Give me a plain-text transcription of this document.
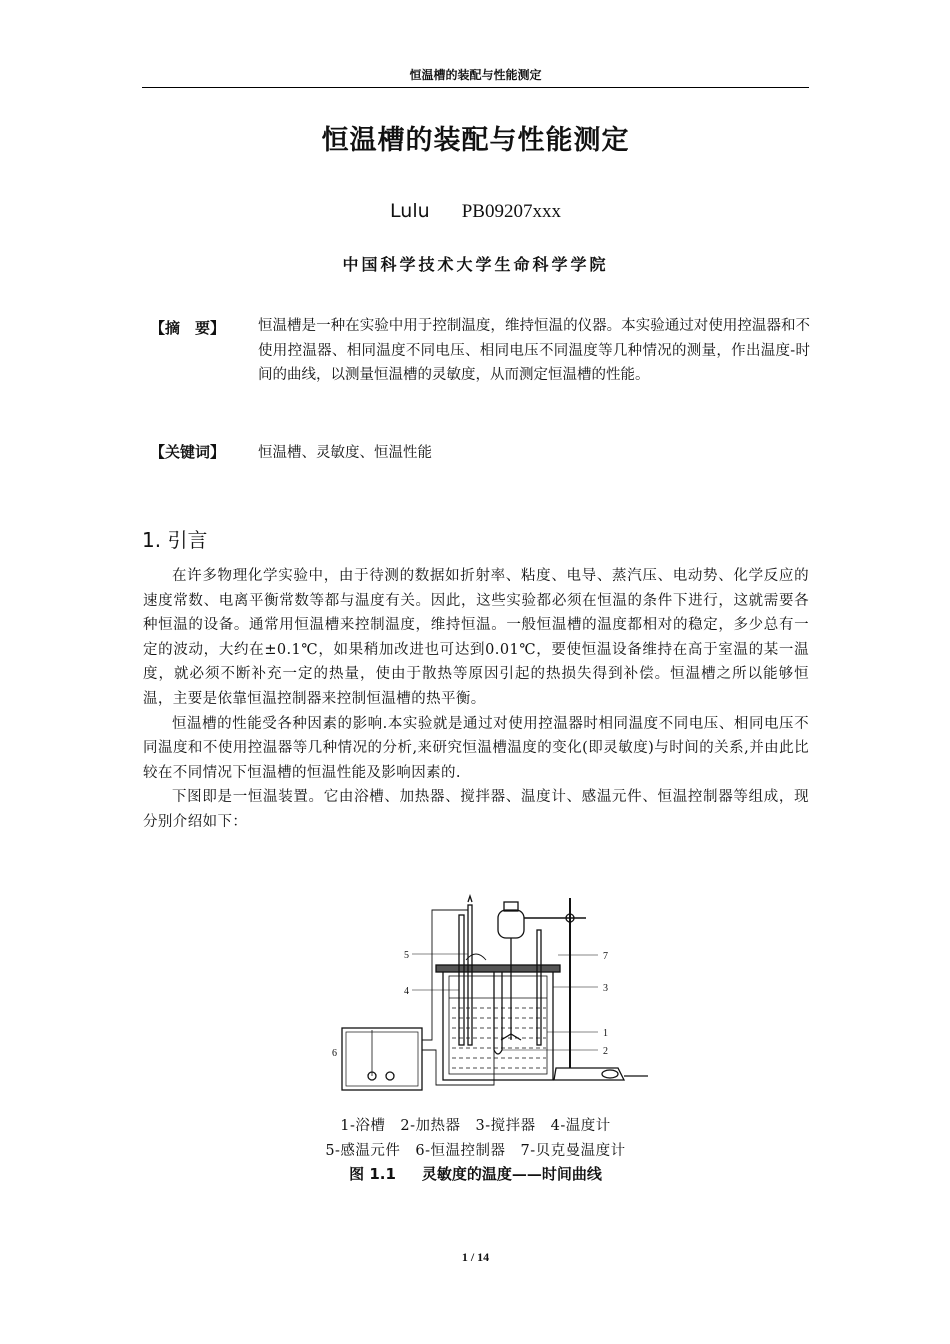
恒温槽的装配与性能测定
恒温槽的装配与性能测定
Lulu PB09207xxx
中国科学技术大学生命科学学院
【摘　要】 恒温槽是一种在实验中用于控制温度，维持恒温的仪器。本实验通过对使用控温器和不使用控温器、相同温度不同电压、相同电压不同温度等几种情况的测量，作出温度-时间的曲线，以测量恒温槽的灵敏度，从而测定恒温槽的性能。

【关键词】 恒温槽、灵敏度、恒温性能
1. 引言

在许多物理化学实验中，由于待测的数据如折射率、粘度、电导、蒸汽压、电动势、化学反应的速度常数、电离平衡常数等都与温度有关。因此，这些实验都必须在恒温的条件下进行，这就需要各种恒温的设备。通常用恒温槽来控制温度，维持恒温。一般恒温槽的温度都相对的稳定，多少总有一定的波动，大约在±0.1℃，如果稍加改进也可达到0.01℃，要使恒温设备维持在高于室温的某一温度，就必须不断补充一定的热量，使由于散热等原因引起的热损失得到补偿。恒温槽之所以能够恒温，主要是依靠恒温控制器来控制恒温槽的热平衡。

恒温槽的性能受各种因素的影响.本实验就是通过对使用控温器时相同温度不同电压、相同电压不同温度和不使用控温器等几种情况的分析,来研究恒温槽温度的变化(即灵敏度)与时间的关系,并由此比较在不同情况下恒温槽的恒温性能及影响因素的.

下图即是一恒温装置。它由浴槽、加热器、搅拌器、温度计、感温元件、恒温控制器等组成，现分别介绍如下：

5
4
6
7
3
1
2
1-浴槽　2-加热器　3-搅拌器　4-温度计
5-感温元件　6-恒温控制器　7-贝克曼温度计
图 1.1 灵敏度的温度——时间曲线
1 / 14
